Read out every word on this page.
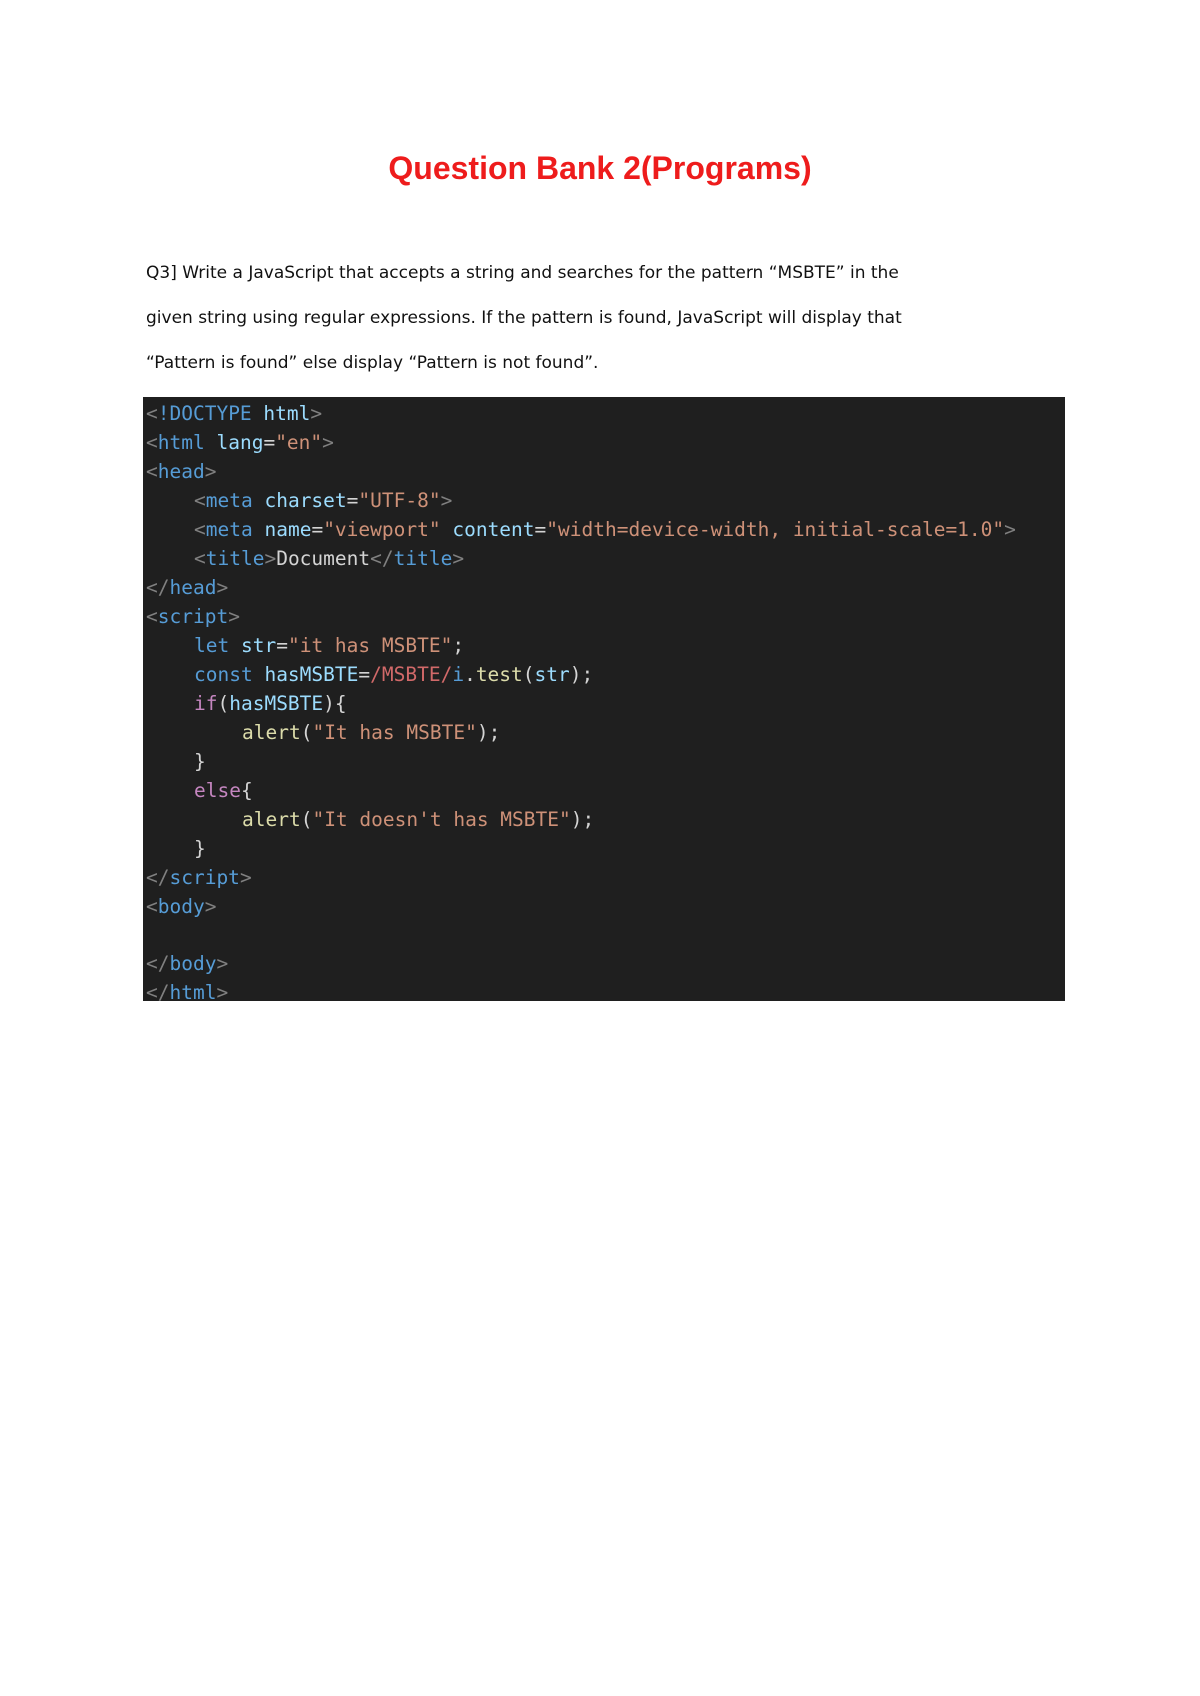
Question Bank 2(Programs)
Q3] Write a JavaScript that accepts a string and searches for the pattern “MSBTE” in the
given string using regular expressions. If the pattern is found, JavaScript will display that
“Pattern is found” else display “Pattern is not found”.
<!DOCTYPE html>
<html lang="en">
<head>
<meta charset="UTF-8">
<meta name="viewport" content="width=device-width, initial-scale=1.0">
<title>Document</title>
</head>
<script>
let str="it has MSBTE";
const hasMSBTE=/MSBTE/i.test(str);
if(hasMSBTE){
alert("It has MSBTE");
}
else{
alert("It doesn't has MSBTE");
}
</script>
<body>
</body>
</html>
